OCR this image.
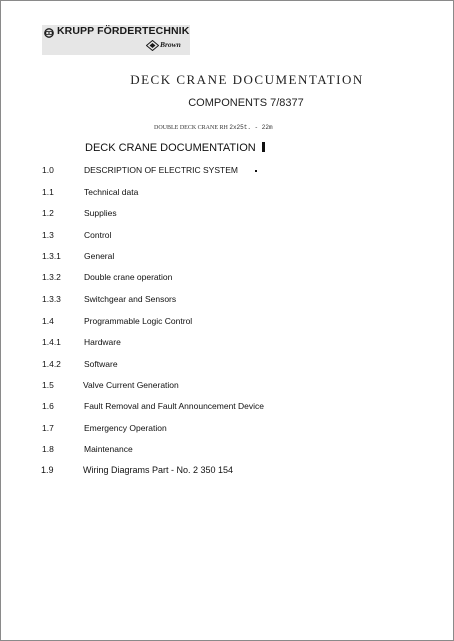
KRUPP FÖRDERTECHNIK
Brown
DECK CRANE DOCUMENTATION
COMPONENTS 7/8377
DOUBLE DECK CRANE RH 2x25t. - 22m
DECK CRANE DOCUMENTATION
1.0	DESCRIPTION OF ELECTRIC SYSTEM
1.1	Technical data
1.2	Supplies
1.3	Control
1.3.1	General
1.3.2	Double crane operation
1.3.3	Switchgear and Sensors
1.4	Programmable Logic Control
1.4.1	Hardware
1.4.2	Software
1.5	Valve Current Generation
1.6	Fault Removal and Fault Announcement Device
1.7	Emergency Operation
1.8	Maintenance
1.9	Wiring Diagrams Part - No. 2 350 154
